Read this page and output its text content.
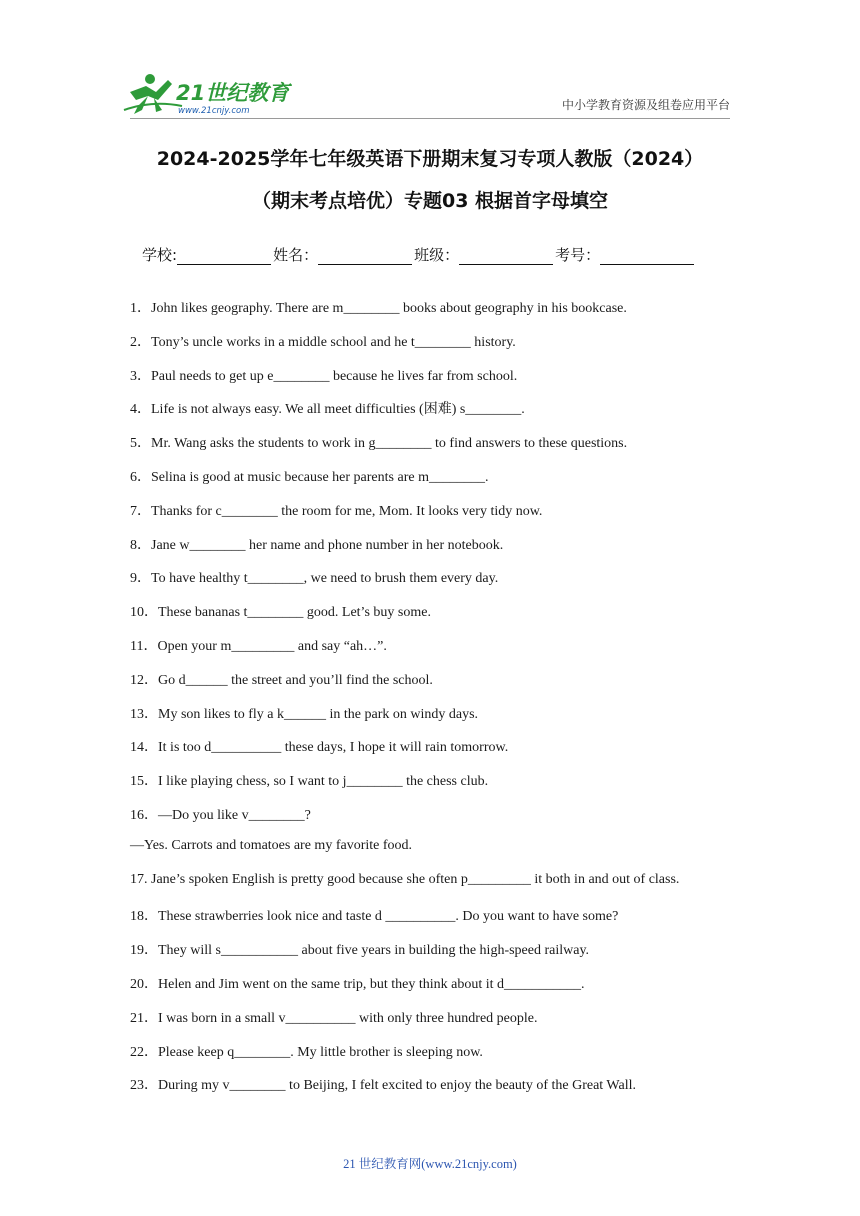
21世纪教育
www.21cnjy.com	中小学教育资源及组卷应用平台
2024-2025学年七年级英语下册期末复习专项人教版（2024）
（期末考点培优）专题03 根据首字母填空
学校:	姓名：	班级：	考号：
1．John likes geography. There are m________ books about geography in his bookcase.
2．Tony’s uncle works in a middle school and he t________ history.
3．Paul needs to get up e________ because he lives far from school.
4．Life is not always easy. We all meet difficulties (困难) s________.
5．Mr. Wang asks the students to work in g________ to find answers to these questions.
6．Selina is good at music because her parents are m________.
7．Thanks for c________ the room for me, Mom. It looks very tidy now.
8．Jane w________ her name and phone number in her notebook.
9．To have healthy t________, we need to brush them every day.
10．These bananas t________ good. Let’s buy some.
11．Open your m_________ and say “ah…”.
12．Go d______ the street and you’ll find the school.
13．My son likes to fly a k______ in the park on windy days.
14．It is too d__________ these days, I hope it will rain tomorrow.
15．I like playing chess, so I want to j________ the chess club.
16．—Do you like v________?
—Yes. Carrots and tomatoes are my favorite food.
17. Jane’s spoken English is pretty good because she often p_________ it both in and out of class.
18．These strawberries look nice and taste d __________. Do you want to have some?
19．They will s___________ about five years in building the high-speed railway.
20．Helen and Jim went on the same trip, but they think about it d___________.
21．I was born in a small v__________ with only three hundred people.
22．Please keep q________. My little brother is sleeping now.
23．During my v________ to Beijing, I felt excited to enjoy the beauty of the Great Wall.
21 世纪教育网(www.21cnjy.com)
